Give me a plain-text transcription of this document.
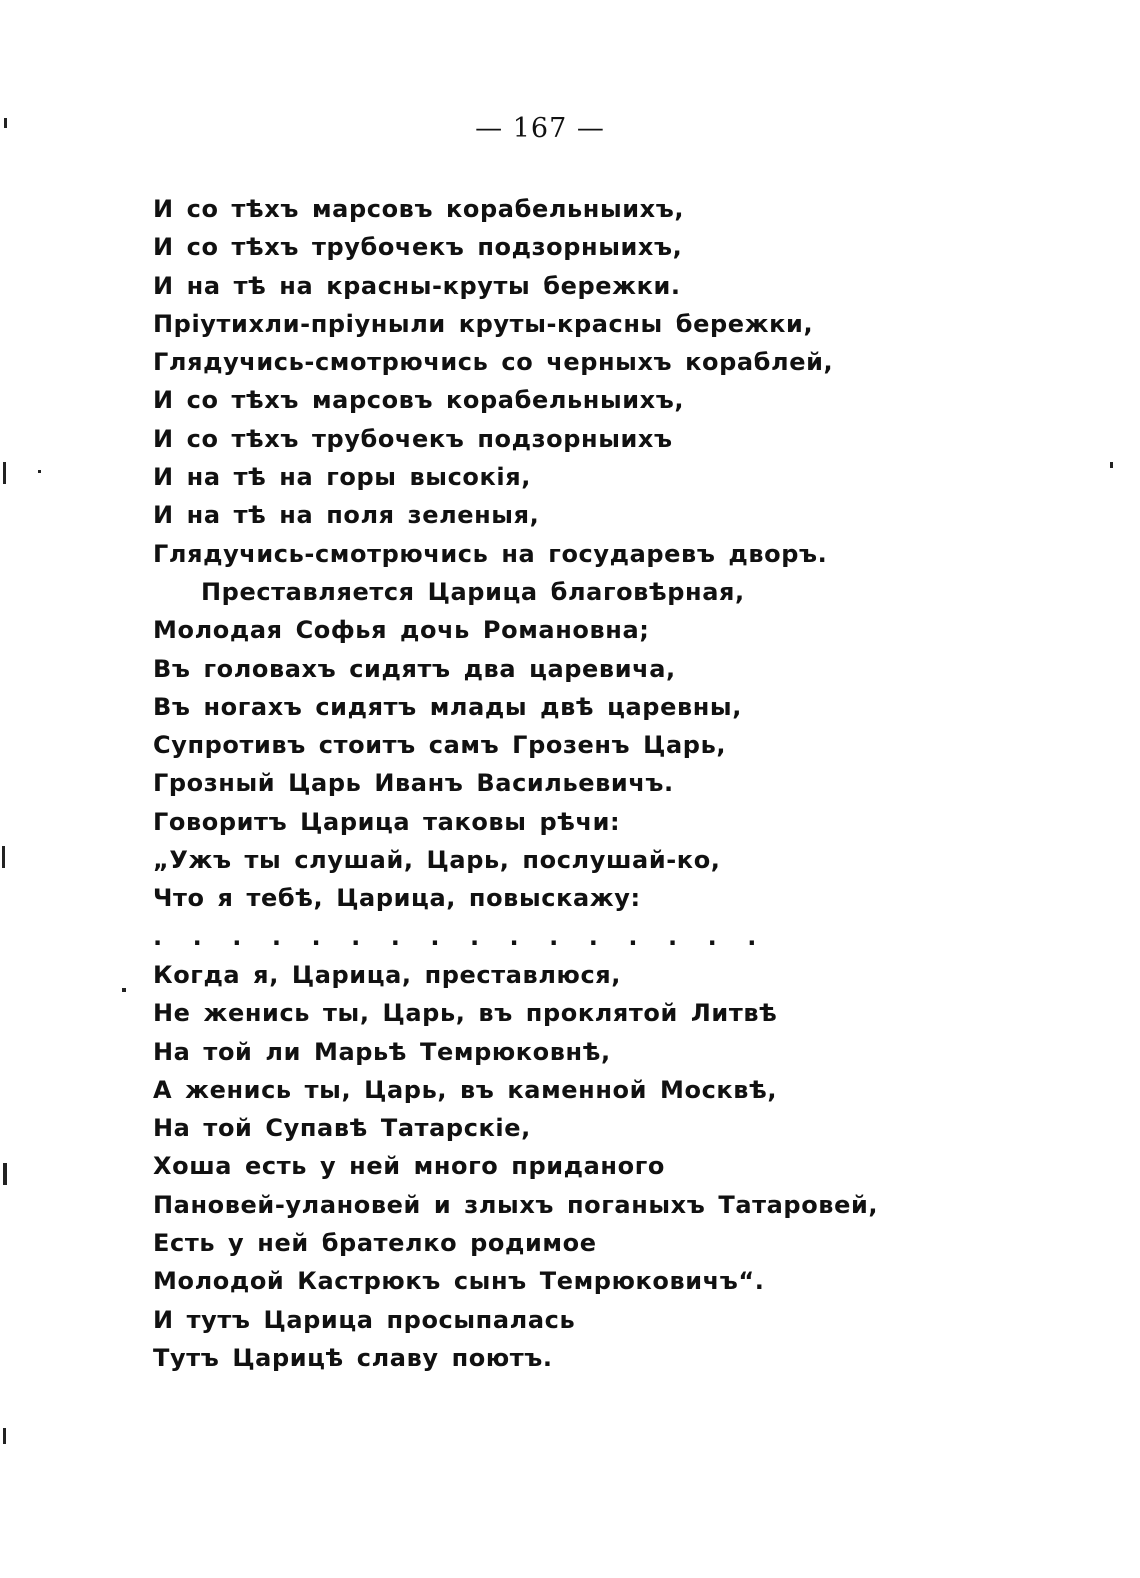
— 167 —
И со тѣхъ марсовъ корабельныихъ,
И со тѣхъ трубочекъ подзорныихъ,
И на тѣ на красны-круты бережки.
Пріутихли-пріуныли круты-красны бережки,
Глядучись-смотрючись со черныхъ кораблей,
И со тѣхъ марсовъ корабельныихъ,
И со тѣхъ трубочекъ подзорныихъ
И на тѣ на горы высокія,
И на тѣ на поля зеленыя,
Глядучись-смотрючись на государевъ дворъ.
Преставляется Царица благовѣрная,
Молодая Софья дочь Романовна;
Въ головахъ сидятъ два царевича,
Въ ногахъ сидятъ млады двѣ царевны,
Супротивъ стоитъ самъ Грозенъ Царь,
Грозный Царь Иванъ Васильевичъ.
Говоритъ Царица таковы рѣчи:
„Ужъ ты слушай, Царь, послушай-ко,
Что я тебѣ, Царица, повыскажу:
................
Когда я, Царица, преставлюся,
Не женись ты, Царь, въ проклятой Литвѣ
На той ли Марьѣ Темрюковнѣ,
А женись ты, Царь, въ каменной Москвѣ,
На той Супавѣ Татарскіе,
Хоша есть у ней много приданого
Пановей-улановей и злыхъ поганыхъ Татаровей,
Есть у ней брателко родимое
Молодой Кастрюкъ сынъ Темрюковичъ“.
И тутъ Царица просыпалась
Тутъ Царицѣ славу поютъ.
